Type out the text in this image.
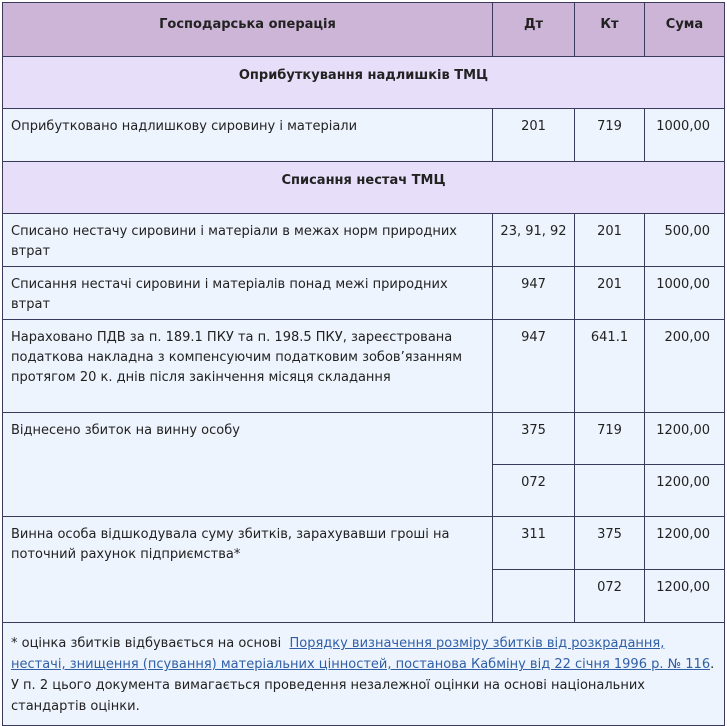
Господарська операція	Дт	Кт	Сума
Оприбуткування надлишків ТМЦ			
Оприбутковано надлишкову сировину і матеріали	201	719	1000,00
Списання нестач ТМЦ			
Списано нестачу сировини і матеріали в межах норм природних втрат	23, 91, 92	201	500,00
Списання нестачі сировини і матеріалів понад межі природних втрат	947	201	1000,00
Нараховано ПДВ за п. 189.1 ПКУ та п. 198.5 ПКУ, зареєстрована податкова накладна з компенсуючим податковим зобов’язанням протягом 20 к. днів після закінчення місяця складання	947	641.1	200,00
Віднесено збиток на винну особу	375	719	1200,00
	072		1200,00
Винна особа відшкодувала суму збитків, зарахувавши гроші на поточний рахунок підприємства*	311	375	1200,00
		072	1200,00
* оцінка збитків відбувається на основі Порядку визначення розміру збитків від розкрадання, нестачі, знищення (псування) матеріальних цінностей, постанова Кабміну від 22 січня 1996 р. № 116. У п. 2 цього документа вимагається проведення незалежної оцінки на основі національних стандартів оцінки.			
